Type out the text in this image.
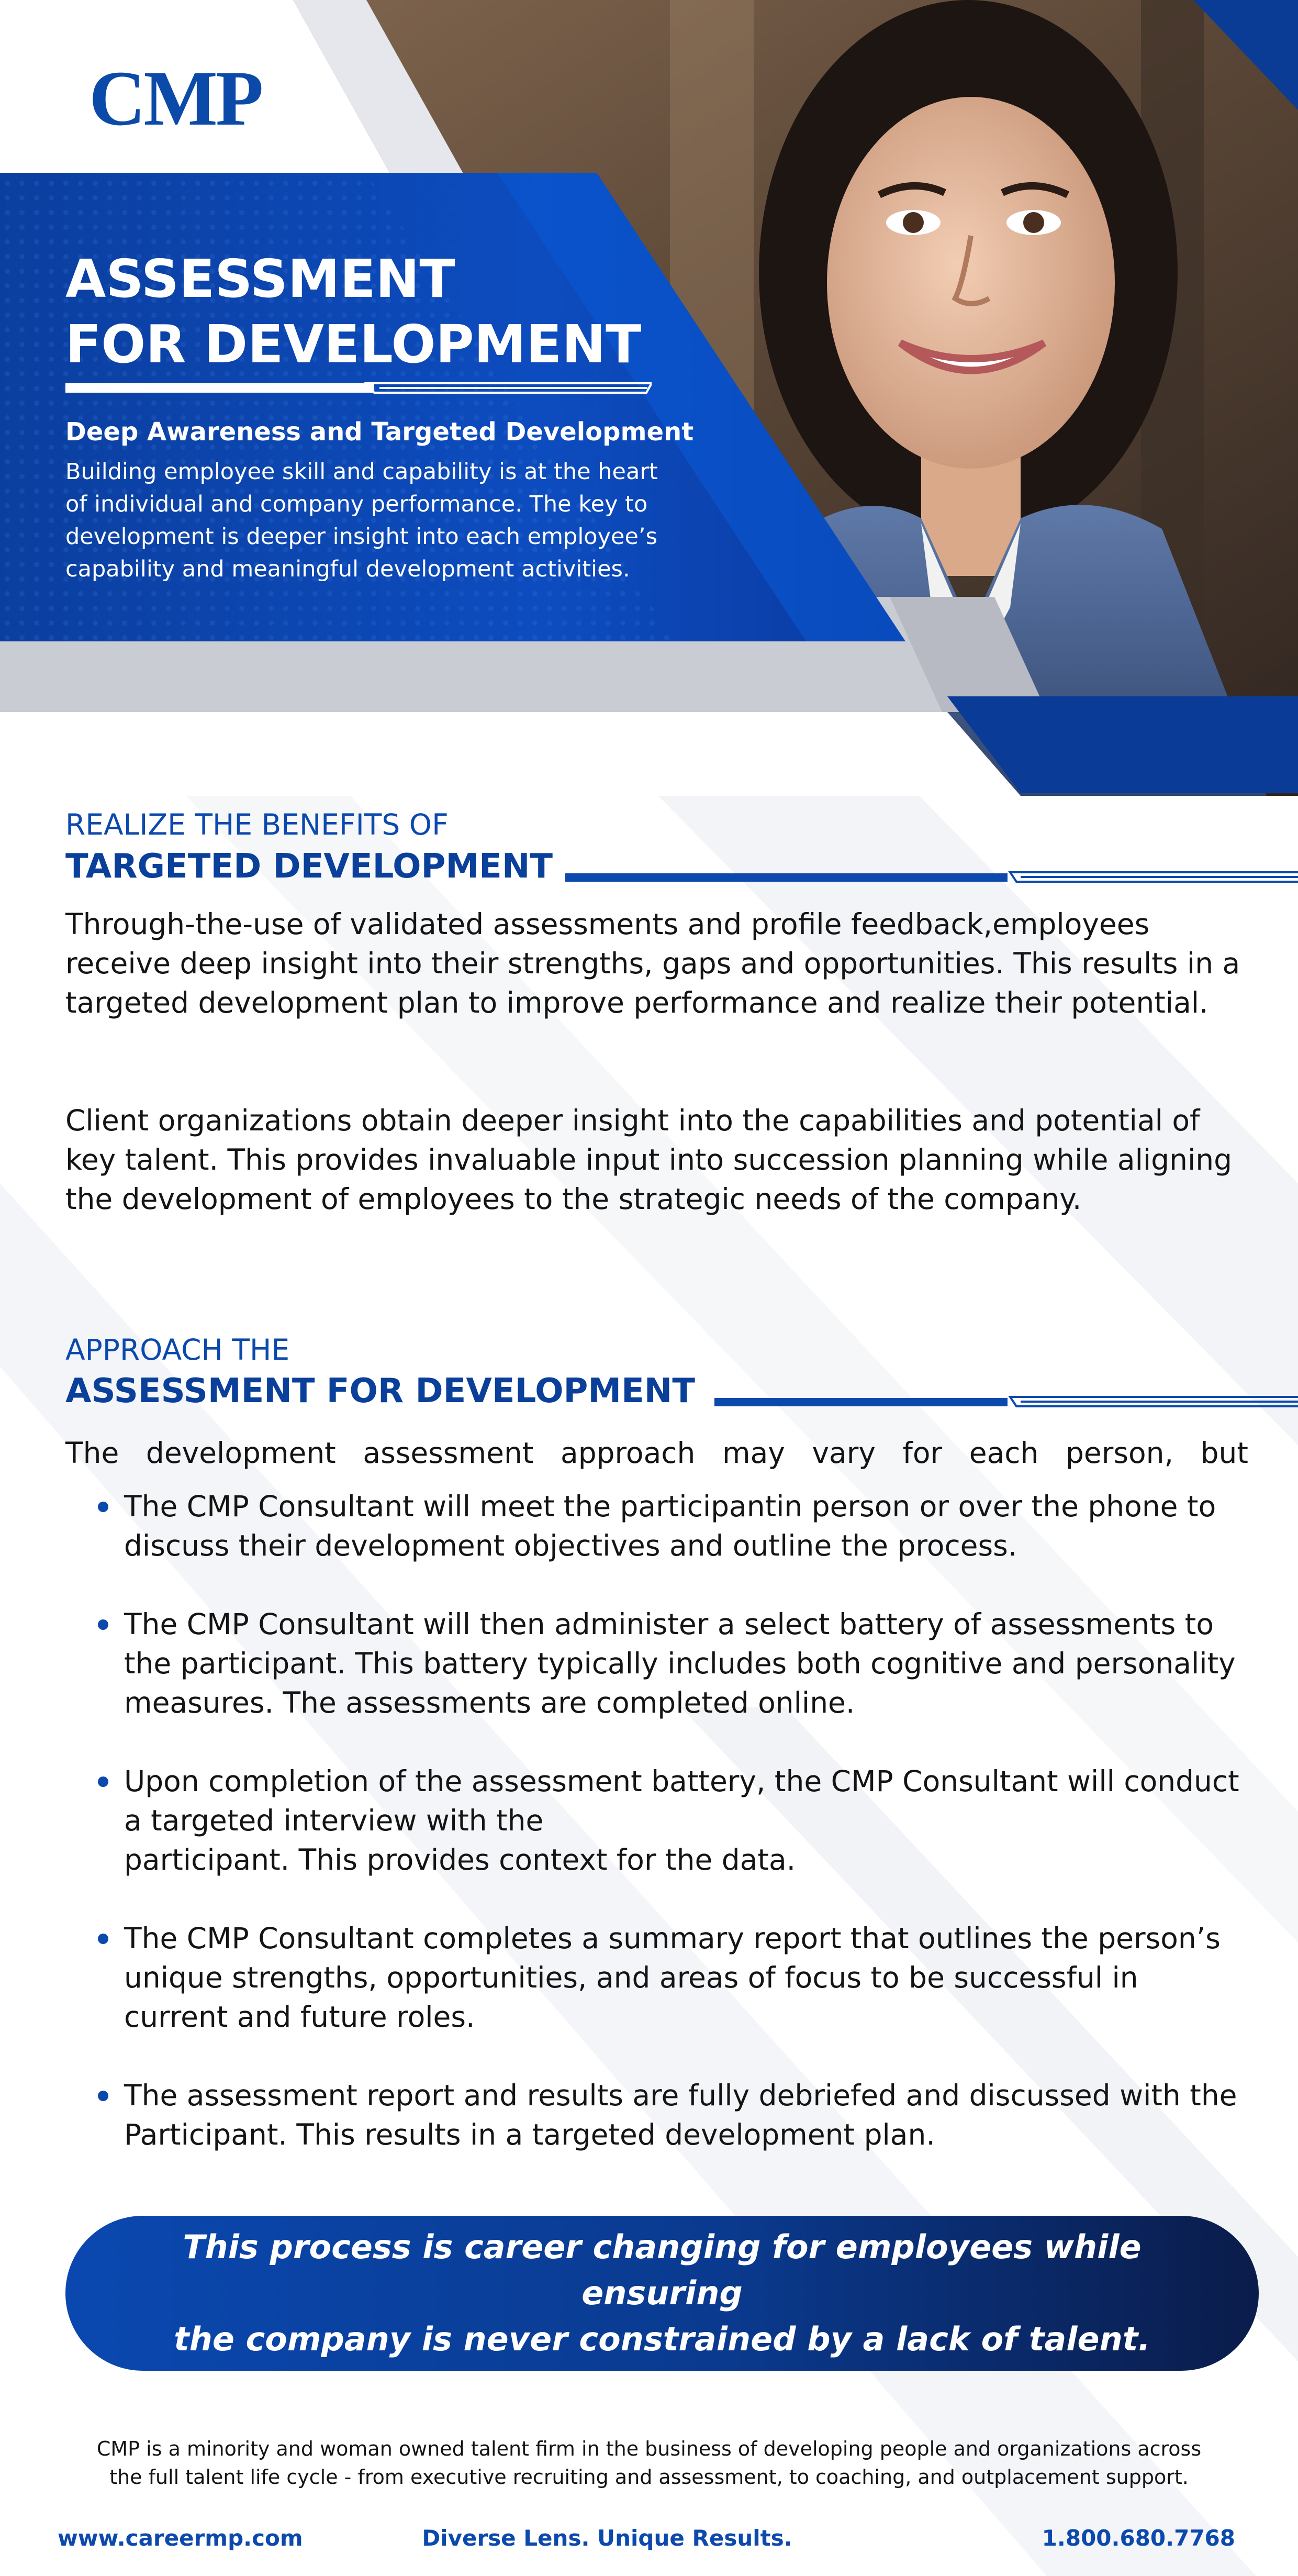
CMP
ASSESSMENT
FOR DEVELOPMENT
Deep Awareness and Targeted Development
Building employee skill and capability is at the heart
of individual and company performance. The key to
development is deeper insight into each employee’s
capability and meaningful development activities.
REALIZE THE BENEFITS OF
TARGETED DEVELOPMENT

Through-the-use of validated assessments and profile feedback,employees receive deep insight into their strengths, gaps and opportunities. This results in a targeted development plan to improve performance and realize their potential.

Client organizations obtain deeper insight into the capabilities and potential of key talent. This provides invaluable input into succession planning while aligning the development of employees to the strategic needs of the company.

APPROACH THE
ASSESSMENT FOR DEVELOPMENT
The development assessment approach may vary for each person, but
The CMP Consultant will meet the participantin person or over the phone to discuss their development objectives and outline the process.
The CMP Consultant will then administer a select battery of assessments to the participant. This battery typically includes both cognitive and personality measures. The assessments are completed online.
Upon completion of the assessment battery, the CMP Consultant will conduct a targeted interview with the
participant. This provides context for the data.
The CMP Consultant completes a summary report that outlines the person’s unique strengths, opportunities, and areas of focus to be successful in current and future roles.
The assessment report and results are fully debriefed and discussed with the Participant. This results in a targeted development plan.
This process is career changing for employees while ensuring
the company is never constrained by a lack of talent.
CMP is a minority and woman owned talent firm in the business of developing people and organizations across
the full talent life cycle - from executive recruiting and assessment, to coaching, and outplacement support.
www.careermp.com	Diverse Lens. Unique Results.	1.800.680.7768
